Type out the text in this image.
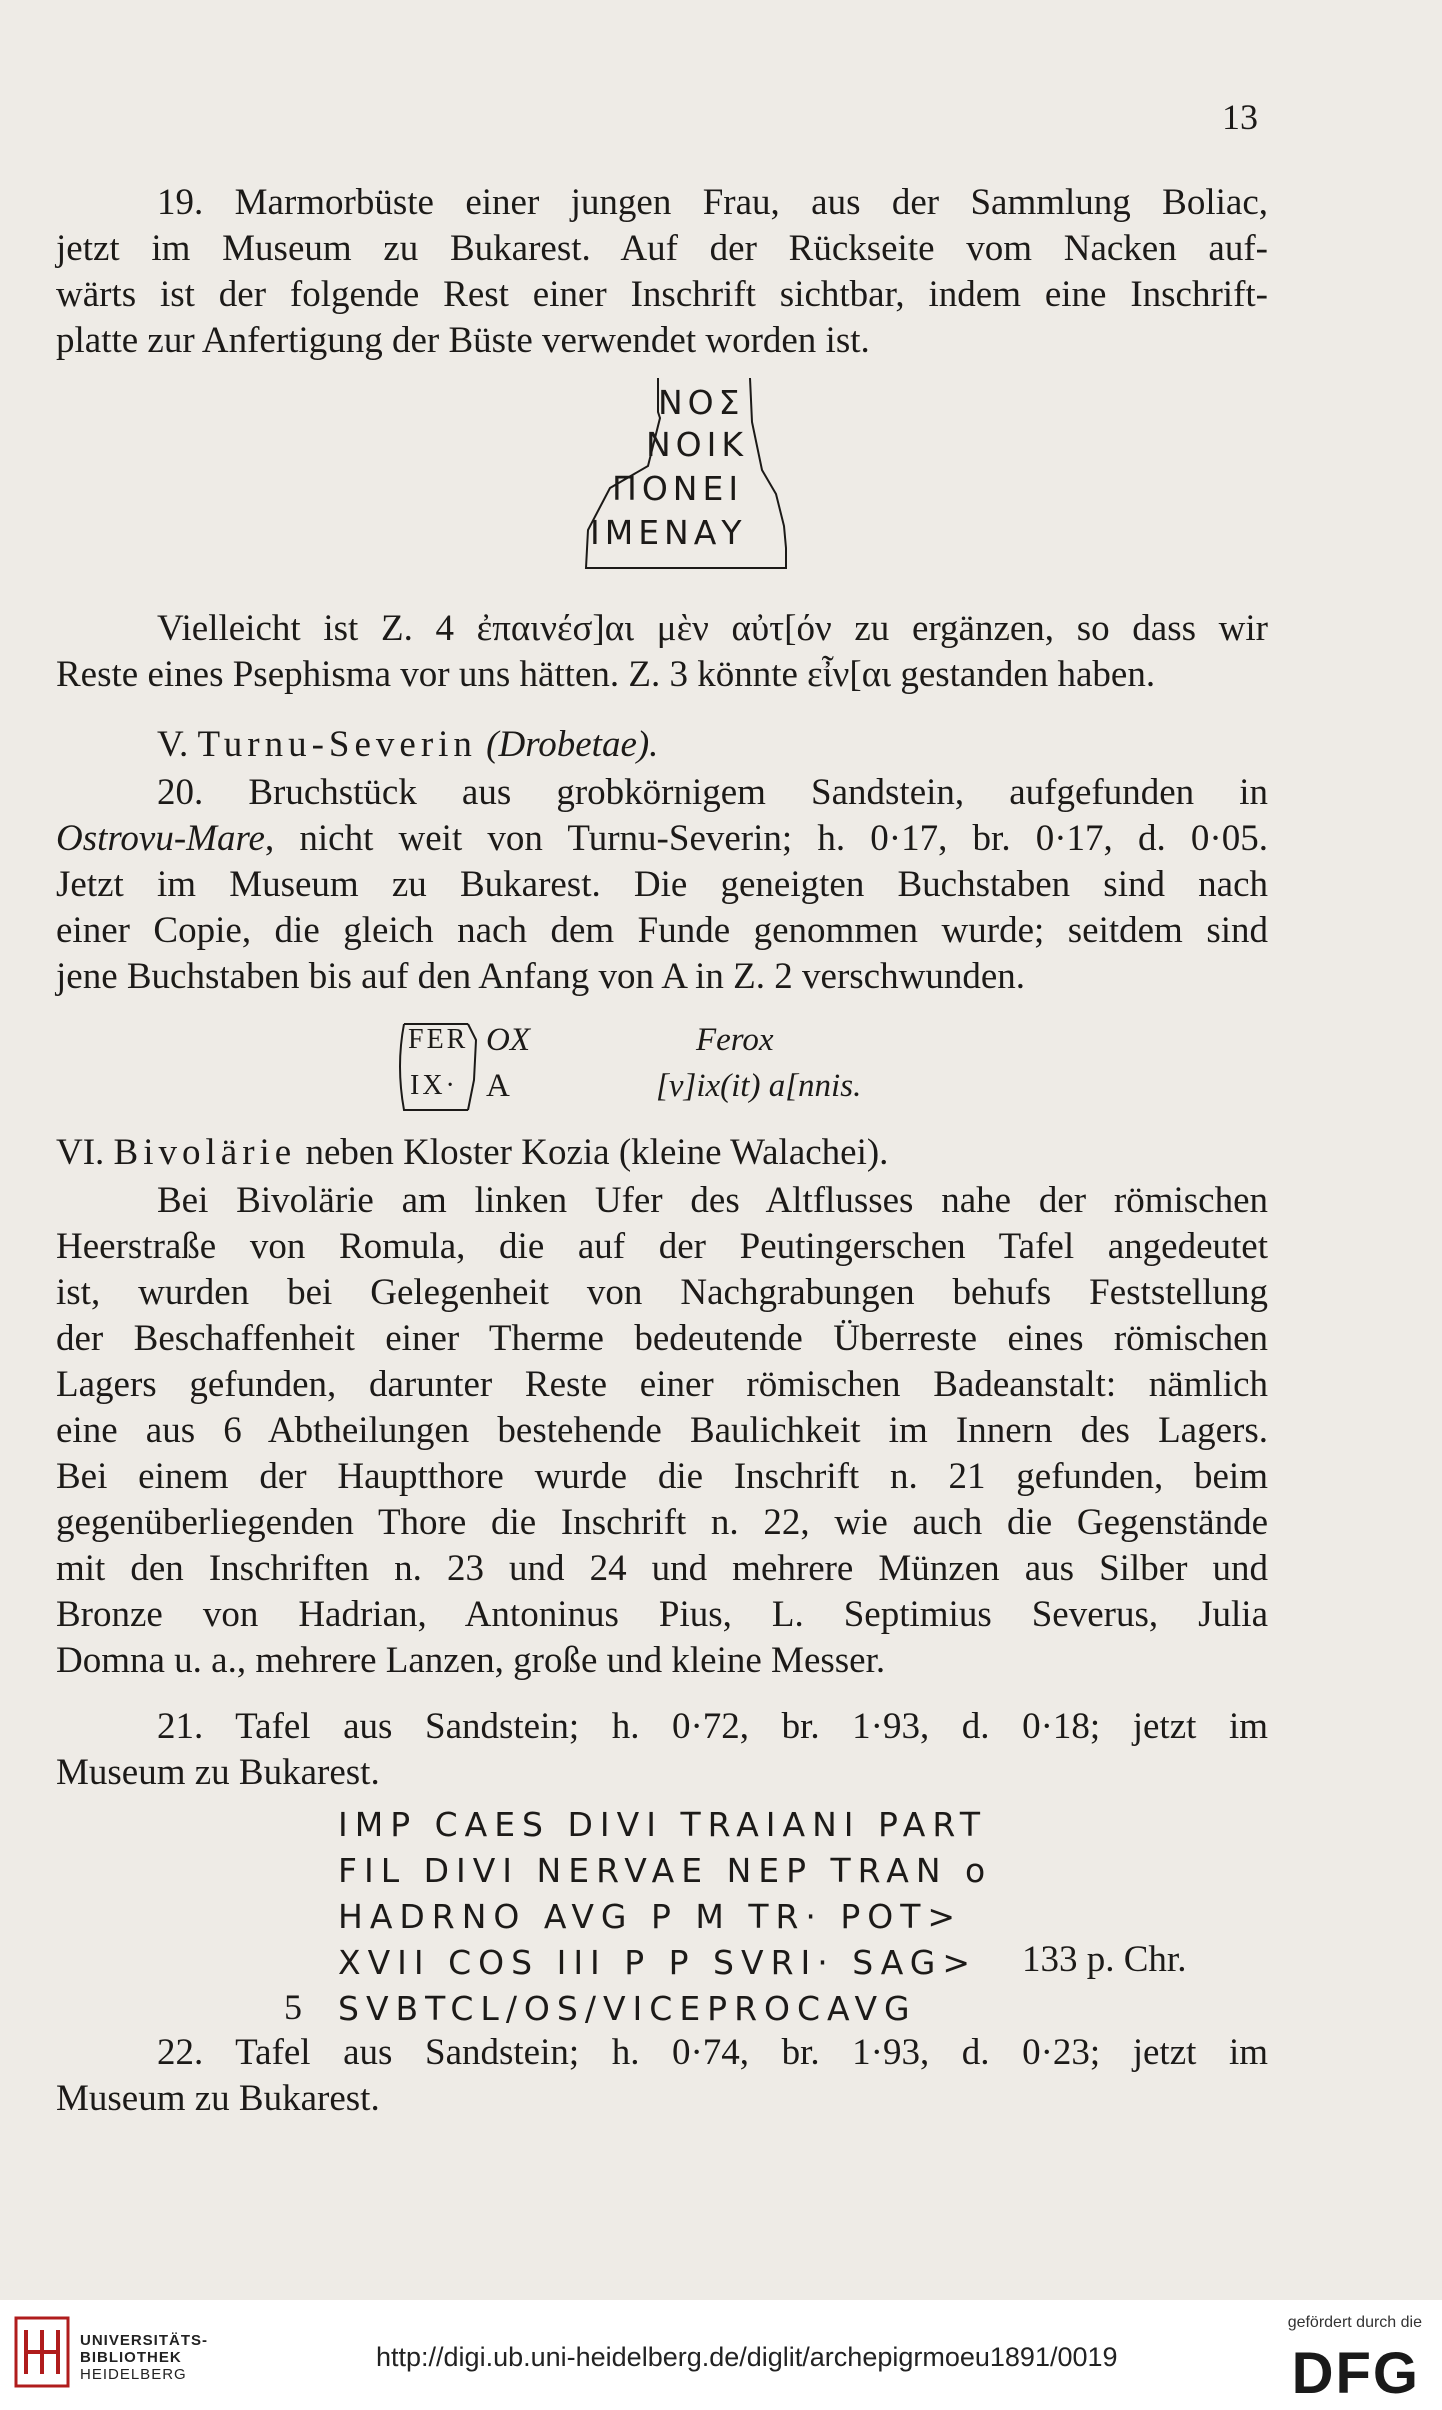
13

19. Marmorbüste einer jungen Frau, aus der Sammlung Boliac,

jetzt im Museum zu Bukarest. Auf der Rückseite vom Nacken auf-

wärts ist der folgende Rest einer Inschrift sichtbar, indem eine Inschrift-

platte zur Anfertigung der Büste verwendet worden ist.

ΝΟΣ
ΝΟΙΚ
ΠΟΝΕΙ
ΙΜΕΝΑΥ

Vielleicht ist Z. 4 ἐπαινέσ]αι μὲν αὐτ[όν zu ergänzen, so dass wir

Reste eines Psephisma vor uns hätten. Z. 3 könnte εἶν[αι gestanden haben.

V. Turnu-Severin (Drobetae).

20. Bruchstück aus grobkörnigem Sandstein, aufgefunden in

Ostrovu-Mare, nicht weit von Turnu-Severin; h. 0·17, br. 0·17, d. 0·05.

Jetzt im Museum zu Bukarest. Die geneigten Buchstaben sind nach

einer Copie, die gleich nach dem Funde genommen wurde; seitdem sind

jene Buchstaben bis auf den Anfang von A in Z. 2 verschwunden.

FER OX
IX· A
Ferox
[v]ix(it) a[nnis.

VI. Bivolärie neben Kloster Kozia (kleine Walachei).

Bei Bivolärie am linken Ufer des Altflusses nahe der römischen

Heerstraße von Romula, die auf der Peutingerschen Tafel angedeutet

ist, wurden bei Gelegenheit von Nachgrabungen behufs Feststellung

der Beschaffenheit einer Therme bedeutende Überreste eines römischen

Lagers gefunden, darunter Reste einer römischen Badeanstalt: nämlich

eine aus 6 Abtheilungen bestehende Baulichkeit im Innern des Lagers.

Bei einem der Hauptthore wurde die Inschrift n. 21 gefunden, beim

gegenüberliegenden Thore die Inschrift n. 22, wie auch die Gegenstände

mit den Inschriften n. 23 und 24 und mehrere Münzen aus Silber und

Bronze von Hadrian, Antoninus Pius, L. Septimius Severus, Julia

Domna u. a., mehrere Lanzen, große und kleine Messer.

21. Tafel aus Sandstein; h. 0·72, br. 1·93, d. 0·18; jetzt im

Museum zu Bukarest.

IMP CAES DIVI TRAIANI PART
FIL DIVI NERVAE NEP TRAN o
HADRNO AVG P M TR· POT>
XVII COS III P P SVRI· SAG>
SVBTCL/OS/VICEPROCAVG
5
133 p. Chr.

22. Tafel aus Sandstein; h. 0·74, br. 1·93, d. 0·23; jetzt im

Museum zu Bukarest.

UNIVERSITÄTS-
BIBLIOTHEK
HEIDELBERG
gefördert durch die
DFG
http://digi.ub.uni-heidelberg.de/diglit/archepigrmoeu1891/0019
